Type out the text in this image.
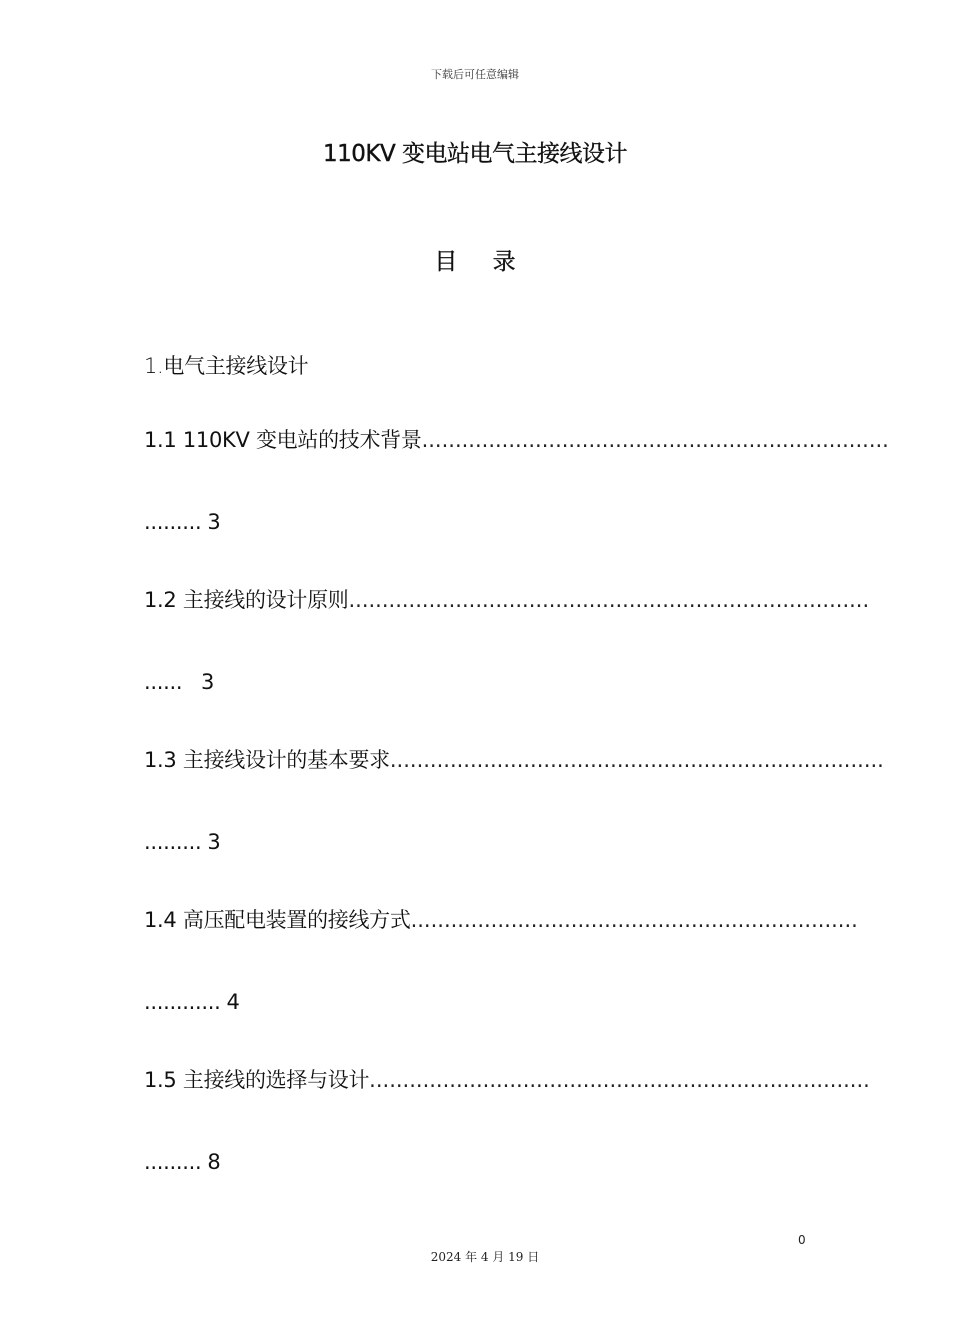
下载后可任意编辑
110KV 变电站电气主接线设计
目 录
1.电气主接线设计
1.1 110KV 变电站的技术背景......................................................................
......... 3
1.2 主接线的设计原则..............................................................................
......  3
1.3 主接线设计的基本要求..........................................................................
......... 3
1.4 高压配电装置的接线方式...................................................................
............ 4
1.5 主接线的选择与设计...........................................................................
......... 8
0
2024 年 4 月 19 日
